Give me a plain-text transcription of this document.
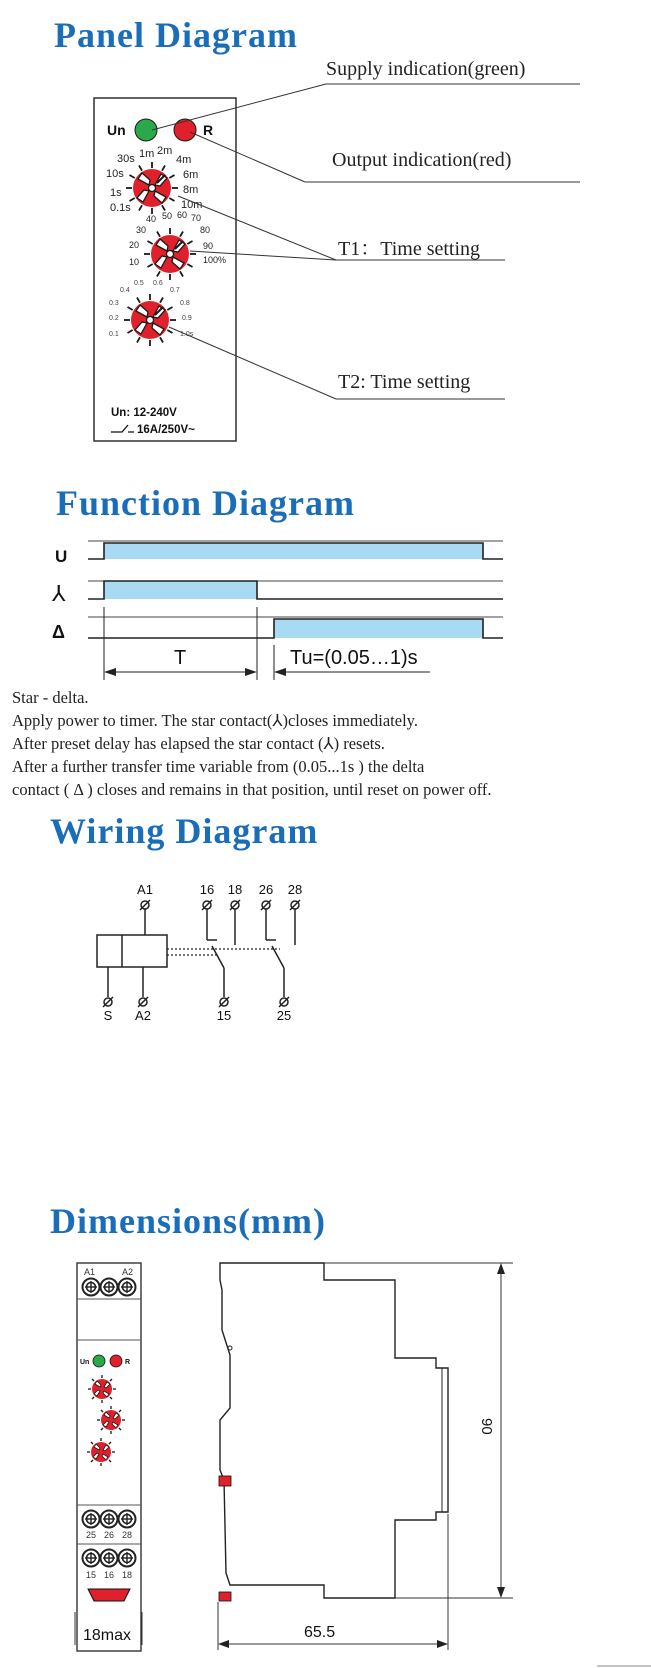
Panel Diagram
Supply indication(green)
Output indication(red)
T1：Time setting
T2: Time setting
Un	R
0.1s
1s
10s
30s 1m 2m
4m
6m
8m
10m
10
20
30
40 50 60 70
80
90
100%
0.1
0.2
0.3
0.4
0.5 0.6
0.7
0.8
0.9
1.0s
Un: 12-240V
16A/250V~
U
⅄
Δ
T	Tu=(0.05…1)s
A1	16 18 26 28
S A2	15	25
A1	A2
Un	R
25 26 28
15 16 18
18max
90
65.5
Function Diagram

Star - delta.

Apply power to timer. The star contact(⅄)closes immediately.

After preset delay has elapsed the star contact (⅄) resets.

After a further transfer time variable from (0.05...1s ) the delta

contact ( Δ ) closes and remains in that position, until reset on power off.

Wiring Diagram
Dimensions(mm)
